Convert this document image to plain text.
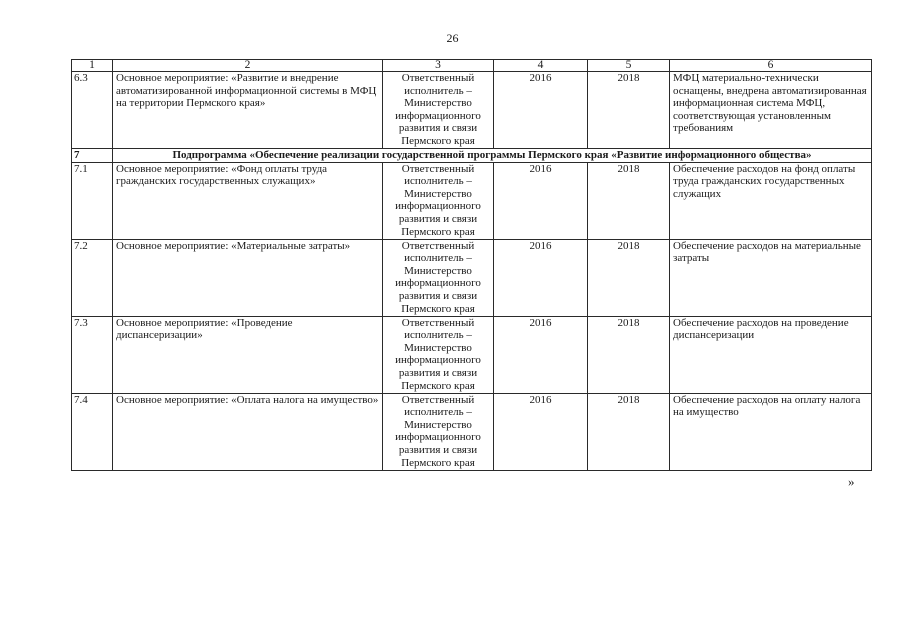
26
1	2	3	4	5	6
6.3	Основное мероприятие: «Развитие и внедрение автоматизированной информационной системы в МФЦ на территории Пермского края»	Ответственный исполнитель – Министерство информационного развития и связи Пермского края	2016	2018	МФЦ материально-технически оснащены, внедрена автоматизированная информационная система МФЦ, соответствующая установленным требованиям
7	Подпрограмма «Обеспечение реализации государственной программы Пермского края «Развитие информационного общества»				
7.1	Основное мероприятие: «Фонд оплаты труда гражданских государственных служащих»	Ответственный исполнитель – Министерство информационного развития и связи Пермского края	2016	2018	Обеспечение расходов на фонд оплаты труда гражданских государственных служащих
7.2	Основное мероприятие: «Материальные затраты»	Ответственный исполнитель – Министерство информационного развития и связи Пермского края	2016	2018	Обеспечение расходов на материальные затраты
7.3	Основное мероприятие: «Проведение диспансеризации»	Ответственный исполнитель – Министерство информационного развития и связи Пермского края	2016	2018	Обеспечение расходов на проведение диспансеризации
7.4	Основное мероприятие: «Оплата налога на имущество»	Ответственный исполнитель – Министерство информационного развития и связи Пермского края	2016	2018	Обеспечение расходов на оплату налога на имущество
»
